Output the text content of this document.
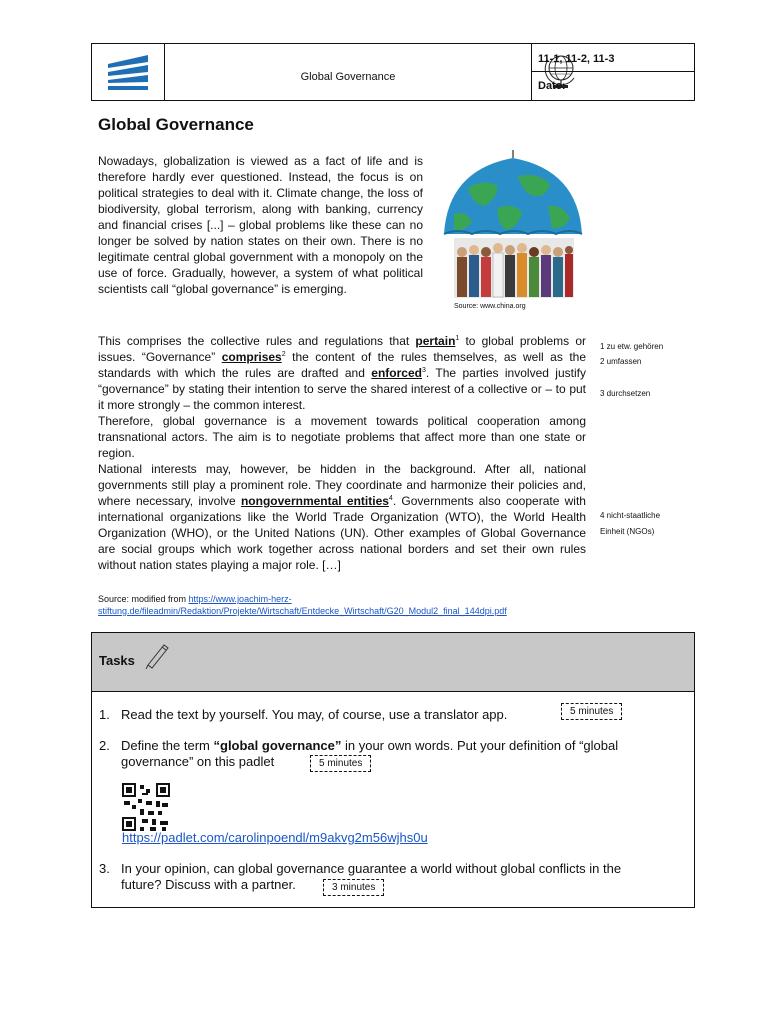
Global Governance
11-1, 11-2, 11-3
Date:
Global Governance
Nowadays, globalization is viewed as a fact of life and is therefore hardly ever questioned. Instead, the focus is on political strategies to deal with it. Climate change, the loss of biodiversity, global terrorism, along with banking, currency and financial crises [...] – global problems like these can no longer be solved by nation states on their own. There is no legitimate central global government with a monopoly on the use of force. Gradually, however, a system of what political scientists call “global governance” is emerging.
Source: www.china.org

This comprises the collective rules and regulations that pertain$^1$ to global problems or issues. “Governance” comprises$^2$ the content of the rules themselves, as well as the standards with which the rules are drafted and enforced$^3$. The parties involved justify “governance” by stating their intention to serve the shared interest of a collective or – to put it more strongly – the common interest.

Therefore, global governance is a movement towards political cooperation among transnational actors. The aim is to negotiate problems that affect more than one state or region.

National interests may, however, be hidden in the background. After all, national governments still play a prominent role. They coordinate and harmonize their policies and, where necessary, involve nongovernmental entities$^4$. Governments also cooperate with international organizations like the World Trade Organization (WTO), the World Health Organization (WHO), or the United Nations (UN). Other examples of Global Governance are social groups which work together across national borders and set their own rules without nation states playing a major role. […]

1 zu etw. gehören
2 umfassen
3 durchsetzen
4 nicht-staatliche
Einheit (NGOs)
Source: modified from https://www.joachim-herz-
stiftung.de/fileadmin/Redaktion/Projekte/Wirtschaft/Entdecke_Wirtschaft/G20_Modul2_final_144dpi.pdf
Tasks
1. Read the text by yourself. You may, of course, use a translator app.	5 minutes
2. Define the term “global governance” in your own words. Put your definition of “global
governance” on this padlet	5 minutes
https://padlet.com/carolinpoendl/m9akvg2m56wjhs0u
3. In your opinion, can global governance guarantee a world without global conflicts in the
future? Discuss with a partner.	3 minutes
